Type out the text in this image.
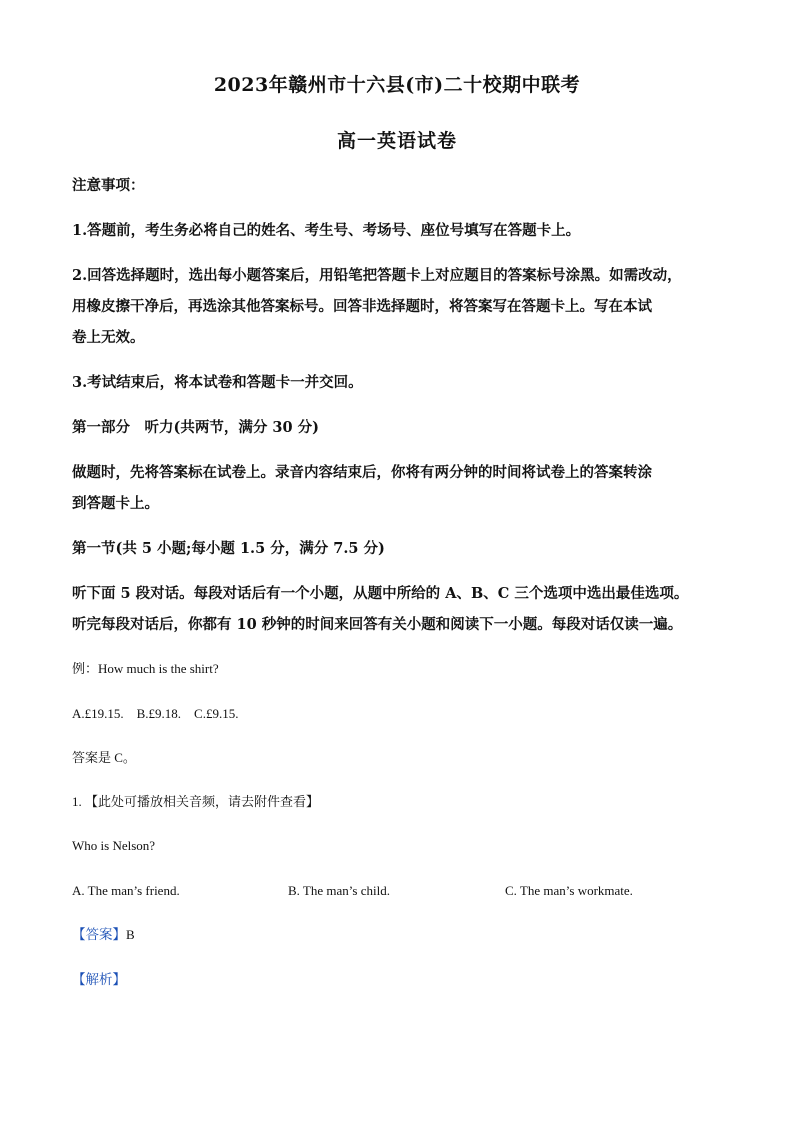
2023年赣州市十六县(市)二十校期中联考
高一英语试卷
注意事项：
1.答题前，考生务必将自己的姓名、考生号、考场号、座位号填写在答题卡上。
2.回答选择题时，选出每小题答案后，用铅笔把答题卡上对应题目的答案标号涂黑。如需改动，
用橡皮擦干净后，再选涂其他答案标号。回答非选择题时，将答案写在答题卡上。写在本试
卷上无效。
3.考试结束后，将本试卷和答题卡一并交回。
第一部分　听力(共两节，满分 30 分)
做题时，先将答案标在试卷上。录音内容结束后，你将有两分钟的时间将试卷上的答案转涂
到答题卡上。
第一节(共 5 小题;每小题 1.5 分，满分 7.5 分)
听下面 5 段对话。每段对话后有一个小题，从题中所给的 A、B、C 三个选项中选出最佳选项。
听完每段对话后，你都有 10 秒钟的时间来回答有关小题和阅读下一小题。每段对话仅读一遍。
例：How much is the shirt?
A.£19.15.　B.£9.18.　C.£9.15.
答案是 C。
1. 【此处可播放相关音频，请去附件查看】
Who is Nelson?
A. The man’s friend.	B. The man’s child.	C. The man’s workmate.
【答案】B
【解析】
